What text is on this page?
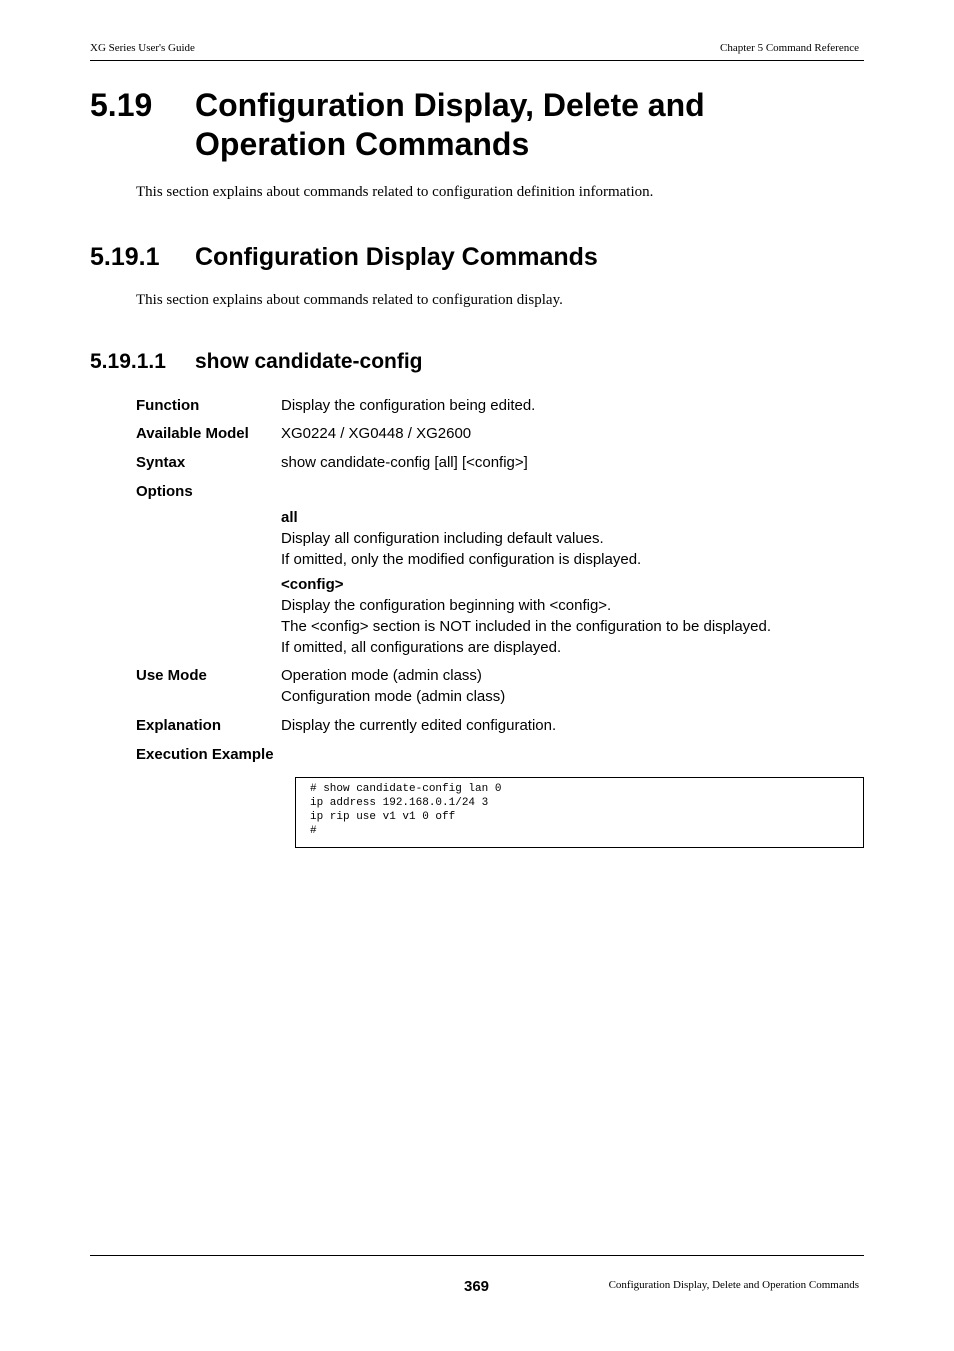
XG Series User's Guide	Chapter 5 Command Reference
5.19 Configuration Display, Delete and Operation Commands
This section explains about commands related to configuration definition information.
5.19.1 Configuration Display Commands
This section explains about commands related to configuration display.
5.19.1.1 show candidate-config
Function	Display the configuration being edited.
Available Model XG0224 / XG0448 / XG2600
Syntax	show candidate-config [all] [<config>]
Options
all
Display all configuration including default values.
If omitted, only the modified configuration is displayed.
<config>
Display the configuration beginning with <config>.
The <config> section is NOT included in the configuration to be displayed.
If omitted, all configurations are displayed.
Use Mode	Operation mode (admin class)
Configuration mode (admin class)
Explanation	Display the currently edited configuration.
Execution Example
# show candidate-config lan 0
ip address 192.168.0.1/24 3
ip rip use v1 v1 0 off
#
369	Configuration Display, Delete and Operation Commands
